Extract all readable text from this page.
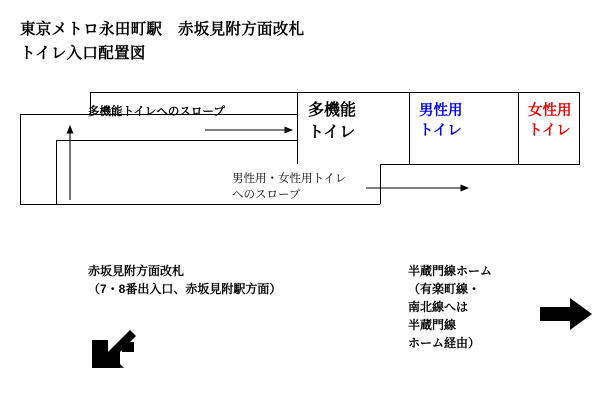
東京メトロ永田町駅　赤坂見附方面改札
トイレ入口配置図
多機能トイレへのスロープ	多機能
トイレ
男性用
トイレ
女性用
トイレ
男性用・女性用トイレ
へのスロープ
赤坂見附方面改札
（7・8番出入口、赤坂見附駅方面）
半蔵門線ホーム
（有楽町線・
南北線へは
半蔵門線
ホーム経由）
